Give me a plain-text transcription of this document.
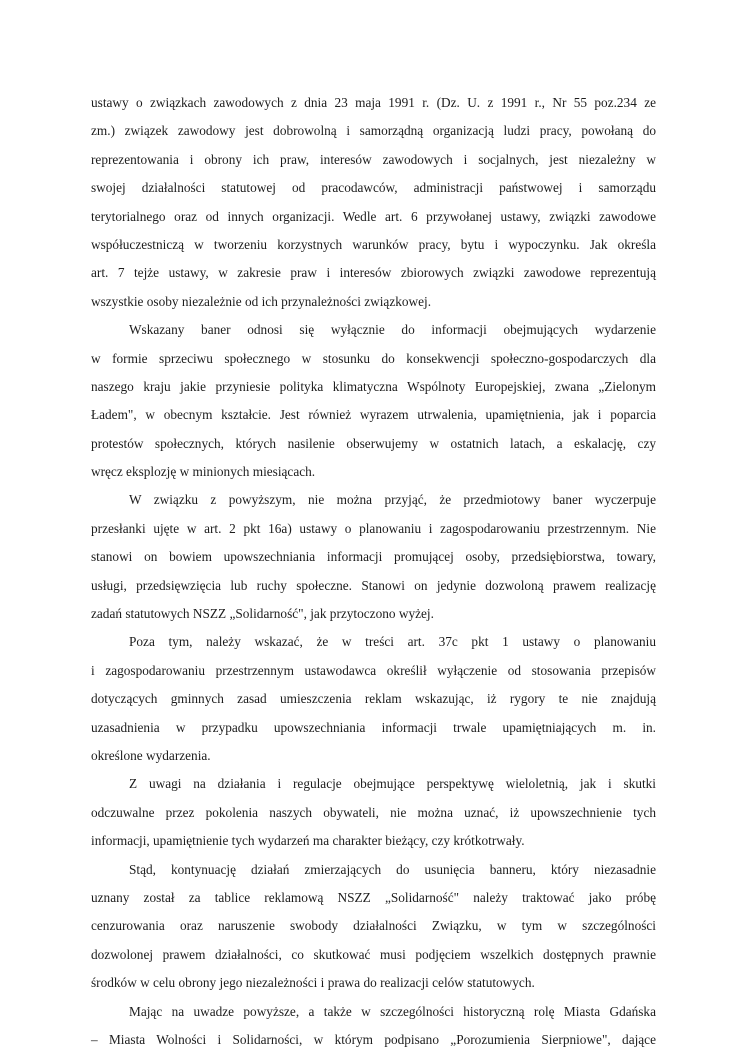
ustawy o związkach zawodowych z dnia 23 maja 1991 r. (Dz. U. z 1991 r., Nr 55 poz.234 ze
zm.) związek zawodowy jest dobrowolną i samorządną organizacją ludzi pracy, powołaną do
reprezentowania i obrony ich praw, interesów zawodowych i socjalnych, jest niezależny w
swojej działalności statutowej od pracodawców, administracji państwowej i samorządu
terytorialnego oraz od innych organizacji. Wedle art. 6 przywołanej ustawy, związki zawodowe
współuczestniczą w tworzeniu korzystnych warunków pracy, bytu i wypoczynku. Jak określa
art. 7 tejże ustawy, w zakresie praw i interesów zbiorowych związki zawodowe reprezentują
wszystkie osoby niezależnie od ich przynależności związkowej.

Wskazany baner odnosi się wyłącznie do informacji obejmujących wydarzenie
w formie sprzeciwu społecznego w stosunku do konsekwencji społeczno-gospodarczych dla
naszego kraju jakie przyniesie polityka klimatyczna Wspólnoty Europejskiej, zwana „Zielonym
Ładem", w obecnym kształcie. Jest również wyrazem utrwalenia, upamiętnienia, jak i poparcia
protestów społecznych, których nasilenie obserwujemy w ostatnich latach, a eskalację, czy
wręcz eksplozję w minionych miesiącach.

W związku z powyższym, nie można przyjąć, że przedmiotowy baner wyczerpuje
przesłanki ujęte w art. 2 pkt 16a) ustawy o planowaniu i zagospodarowaniu przestrzennym. Nie
stanowi on bowiem upowszechniania informacji promującej osoby, przedsiębiorstwa, towary,
usługi, przedsięwzięcia lub ruchy społeczne. Stanowi on jedynie dozwoloną prawem realizację
zadań statutowych NSZZ „Solidarność", jak przytoczono wyżej.

Poza tym, należy wskazać, że w treści art. 37c pkt 1 ustawy o planowaniu
i zagospodarowaniu przestrzennym ustawodawca określił wyłączenie od stosowania przepisów
dotyczących gminnych zasad umieszczenia reklam wskazując, iż rygory te nie znajdują
uzasadnienia w przypadku upowszechniania informacji trwale upamiętniających m. in.
określone wydarzenia.

Z uwagi na działania i regulacje obejmujące perspektywę wieloletnią, jak i skutki
odczuwalne przez pokolenia naszych obywateli, nie można uznać, iż upowszechnienie tych
informacji, upamiętnienie tych wydarzeń ma charakter bieżący, czy krótkotrwały.

Stąd, kontynuację działań zmierzających do usunięcia banneru, który niezasadnie
uznany został za tablice reklamową NSZZ „Solidarność" należy traktować jako próbę
cenzurowania oraz naruszenie swobody działalności Związku, w tym w szczególności
dozwolonej prawem działalności, co skutkować musi podjęciem wszelkich dostępnych prawnie
środków w celu obrony jego niezależności i prawa do realizacji celów statutowych.

Mając na uwadze powyższe, a także w szczególności historyczną rolę Miasta Gdańska
– Miasta Wolności i Solidarności, w którym podpisano „Porozumienia Sierpniowe", dające
